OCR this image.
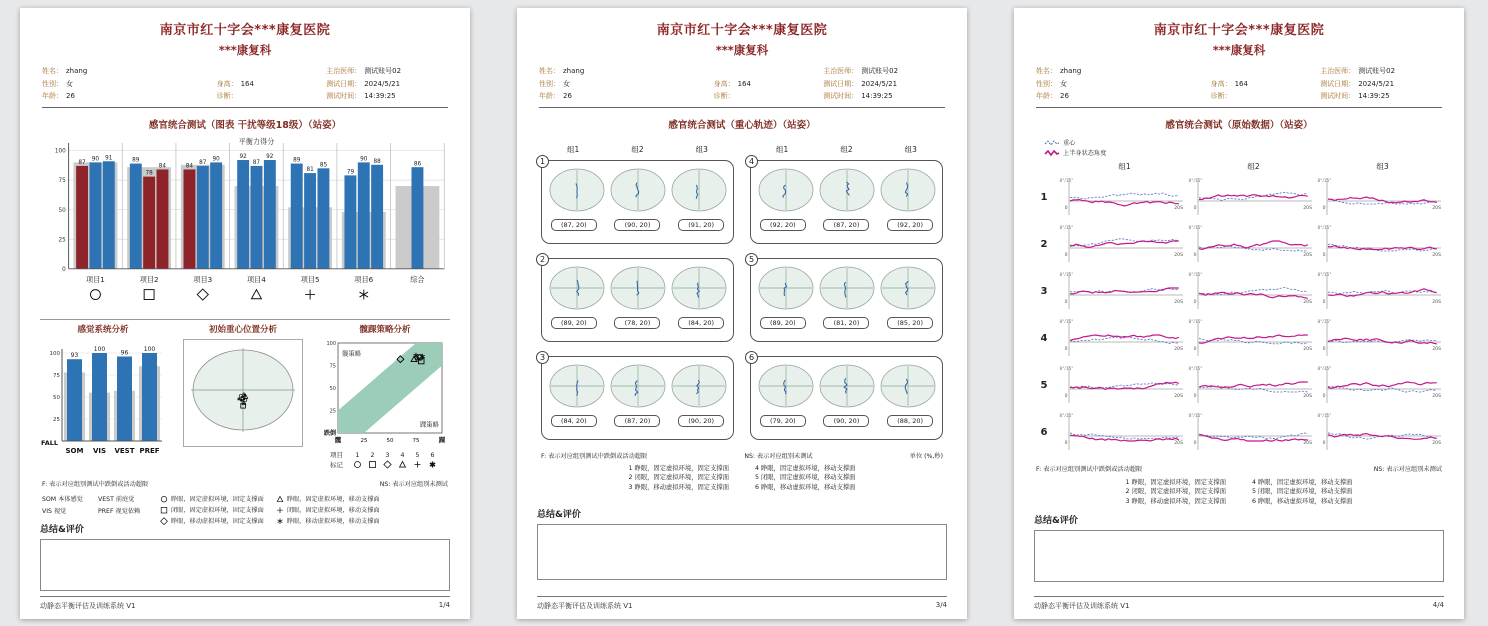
南京市红十字会***康复医院
***康复科
姓名： zhang	主治医师： 测试账号02
性别： 女	身高： 164	测试日期： 2024/5/21
年龄： 26	诊断：	测试时间： 14:39:25
感官统合测试（图表 干扰等级18级）（站姿）
平衡力得分
0
25
50
75
100
87
90 91	89
78
84	84
87
90	92
87
92
89
81
85
79
90 88	86
项目1	项目2	项目3	项目4	项目5	项目6	综合
感觉系统分析
100
75
50
25
93
SOM
100
VIS
96
VEST
100
PREF
FALL
初始重心位置分析	髋踝策略分析
髋策略
踝策略
100
75
50
25
跌倒
髋	25	50	75	踝
项目	1	2	3	4	5	6
标记
F: 表示对应组别测试中跌倒或活动超限	NS: 表示对应组别未测试
SOM 本体感觉	VEST 前庭觉
VIS 视觉	PREF 视觉依赖
睁眼，固定虚拟环境，固定支撑面
闭眼，固定虚拟环境，固定支撑面
睁眼，移动虚拟环境，固定支撑面
睁眼，固定虚拟环境，移动支撑面
闭眼，固定虚拟环境，移动支撑面
睁眼，移动虚拟环境，移动支撑面
总结&评价
动静态平衡评估及训练系统 V1	1/4
南京市红十字会***康复医院
***康复科
姓名： zhang	主治医师： 测试账号02
性别： 女	身高： 164	测试日期： 2024/5/21
年龄： 26	诊断：	测试时间： 14:39:25
感官统合测试（重心轨迹）（站姿）
组1	组2	组3	组1	组2	组3
1
(87, 20)	(90, 20)	(91, 20)
4
(92, 20)	(87, 20)	(92, 20)
2
(89, 20)	(78, 20)	(84, 20)
5
(89, 20)	(81, 20)	(85, 20)
3
(84, 20)	(87, 20)	(90, 20)
6
(79, 20)	(90, 20)	(88, 20)
F: 表示对应组别测试中跌倒或活动超限	NS: 表示对应组别未测试	单位 (%,秒)
1 睁眼，固定虚拟环境，固定支撑面
2 闭眼，固定虚拟环境，固定支撑面
3 睁眼，移动虚拟环境，固定支撑面
4 睁眼，固定虚拟环境，移动支撑面
5 闭眼，固定虚拟环境，移动支撑面
6 睁眼，移动虚拟环境，移动支撑面
总结&评价
动静态平衡评估及训练系统 V1	3/4
南京市红十字会***康复医院
***康复科
姓名： zhang	主治医师： 测试账号02
性别： 女	身高： 164	测试日期： 2024/5/21
年龄： 26	诊断：	测试时间： 14:39:25
感官统合测试（原始数据）（站姿）
重心
上半身状态角度
组1	组2	组3
1
8°/15°
0	20S
8°/15°
0	20S
8°/15°
0	20S
2
8°/15°
0	20S
8°/15°
0	20S
8°/15°
0	20S
3
8°/15°
0	20S
8°/15°
0	20S
8°/15°
0	20S
4
8°/15°
0	20S
8°/15°
0	20S
8°/15°
0	20S
5
8°/15°
0	20S
8°/15°
0	20S
8°/15°
0	20S
6
8°/15°
0	20S
8°/15°
0	20S
8°/15°
0	20S
F: 表示对应组别测试中跌倒或活动超限	NS: 表示对应组别未测试
1 睁眼，固定虚拟环境，固定支撑面
2 闭眼，固定虚拟环境，固定支撑面
3 睁眼，移动虚拟环境，固定支撑面
4 睁眼，固定虚拟环境，移动支撑面
5 闭眼，固定虚拟环境，移动支撑面
6 睁眼，移动虚拟环境，移动支撑面
总结&评价
动静态平衡评估及训练系统 V1	4/4
